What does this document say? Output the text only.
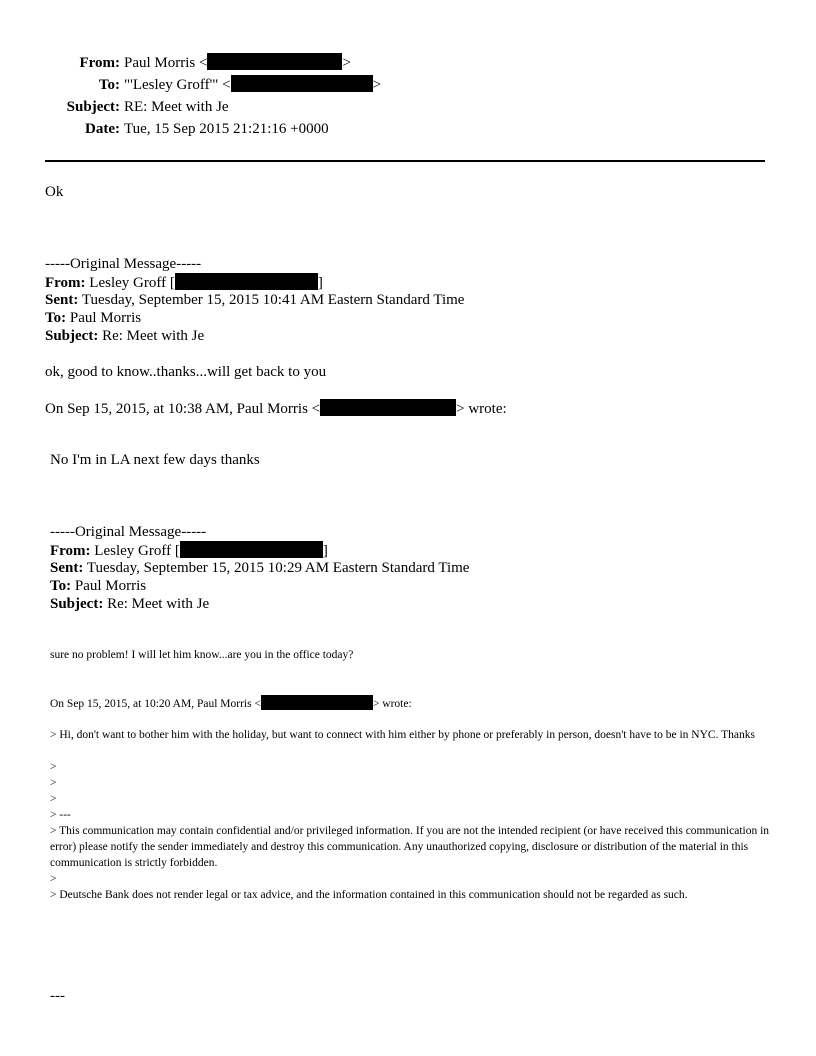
From: Paul Morris <	>
To: "'Lesley Groff'" <	>
Subject: RE: Meet with Je
Date: Tue, 15 Sep 2015 21:21:16 +0000
Ok
-----Original Message-----
From: Lesley Groff [	]
Sent: Tuesday, September 15, 2015 10:41 AM Eastern Standard Time
To: Paul Morris
Subject: Re: Meet with Je
ok, good to know..thanks...will get back to you
On Sep 15, 2015, at 10:38 AM, Paul Morris <	> wrote:
No I'm in LA next few days thanks
-----Original Message-----
From: Lesley Groff [	]
Sent: Tuesday, September 15, 2015 10:29 AM Eastern Standard Time
To: Paul Morris
Subject: Re: Meet with Je
sure no problem! I will let him know...are you in the office today?
On Sep 15, 2015, at 10:20 AM, Paul Morris <	> wrote:
> Hi, don't want to bother him with the holiday, but want to connect with him either by phone or preferably in person, doesn't have to be in NYC. Thanks
>
>
>
> ---
> This communication may contain confidential and/or privileged information. If you are not the intended recipient (or have received this communication in error) please notify the sender immediately and destroy this communication. Any unauthorized copying, disclosure or distribution of the material in this communication is strictly forbidden.
>
> Deutsche Bank does not render legal or tax advice, and the information contained in this communication should not be regarded as such.
---
